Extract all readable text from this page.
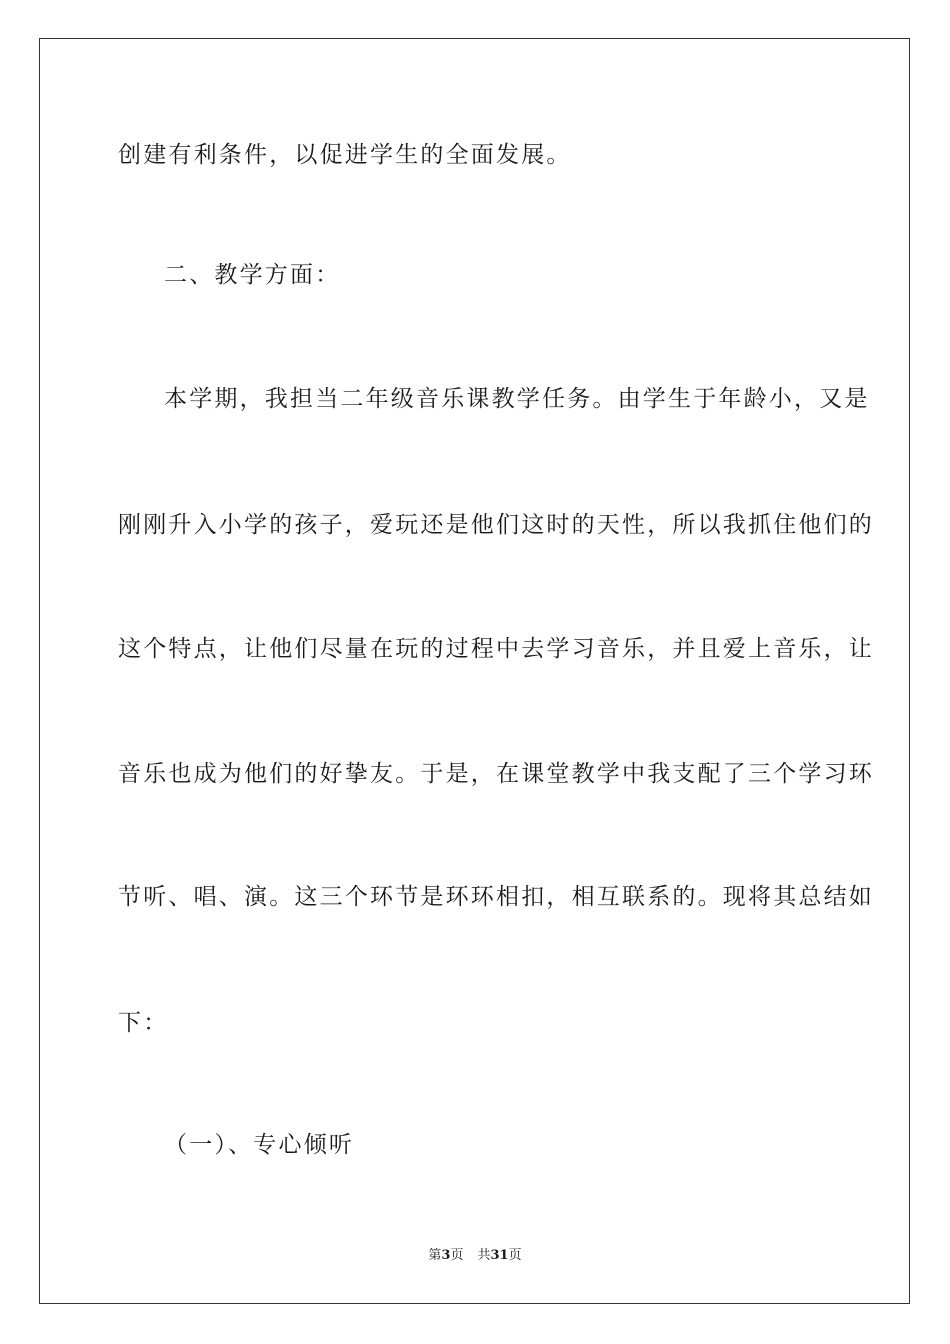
创建有利条件，以促进学生的全面发展。
二、教学方面：
本学期，我担当二年级音乐课教学任务。由学生于年龄小，又是
刚刚升入小学的孩子，爱玩还是他们这时的天性，所以我抓住他们的
这个特点，让他们尽量在玩的过程中去学习音乐，并且爱上音乐，让
音乐也成为他们的好挚友。于是，在课堂教学中我支配了三个学习环
节听、唱、演。这三个环节是环环相扣，相互联系的。现将其总结如
下：
（一）、专心倾听
第3页 共31页
